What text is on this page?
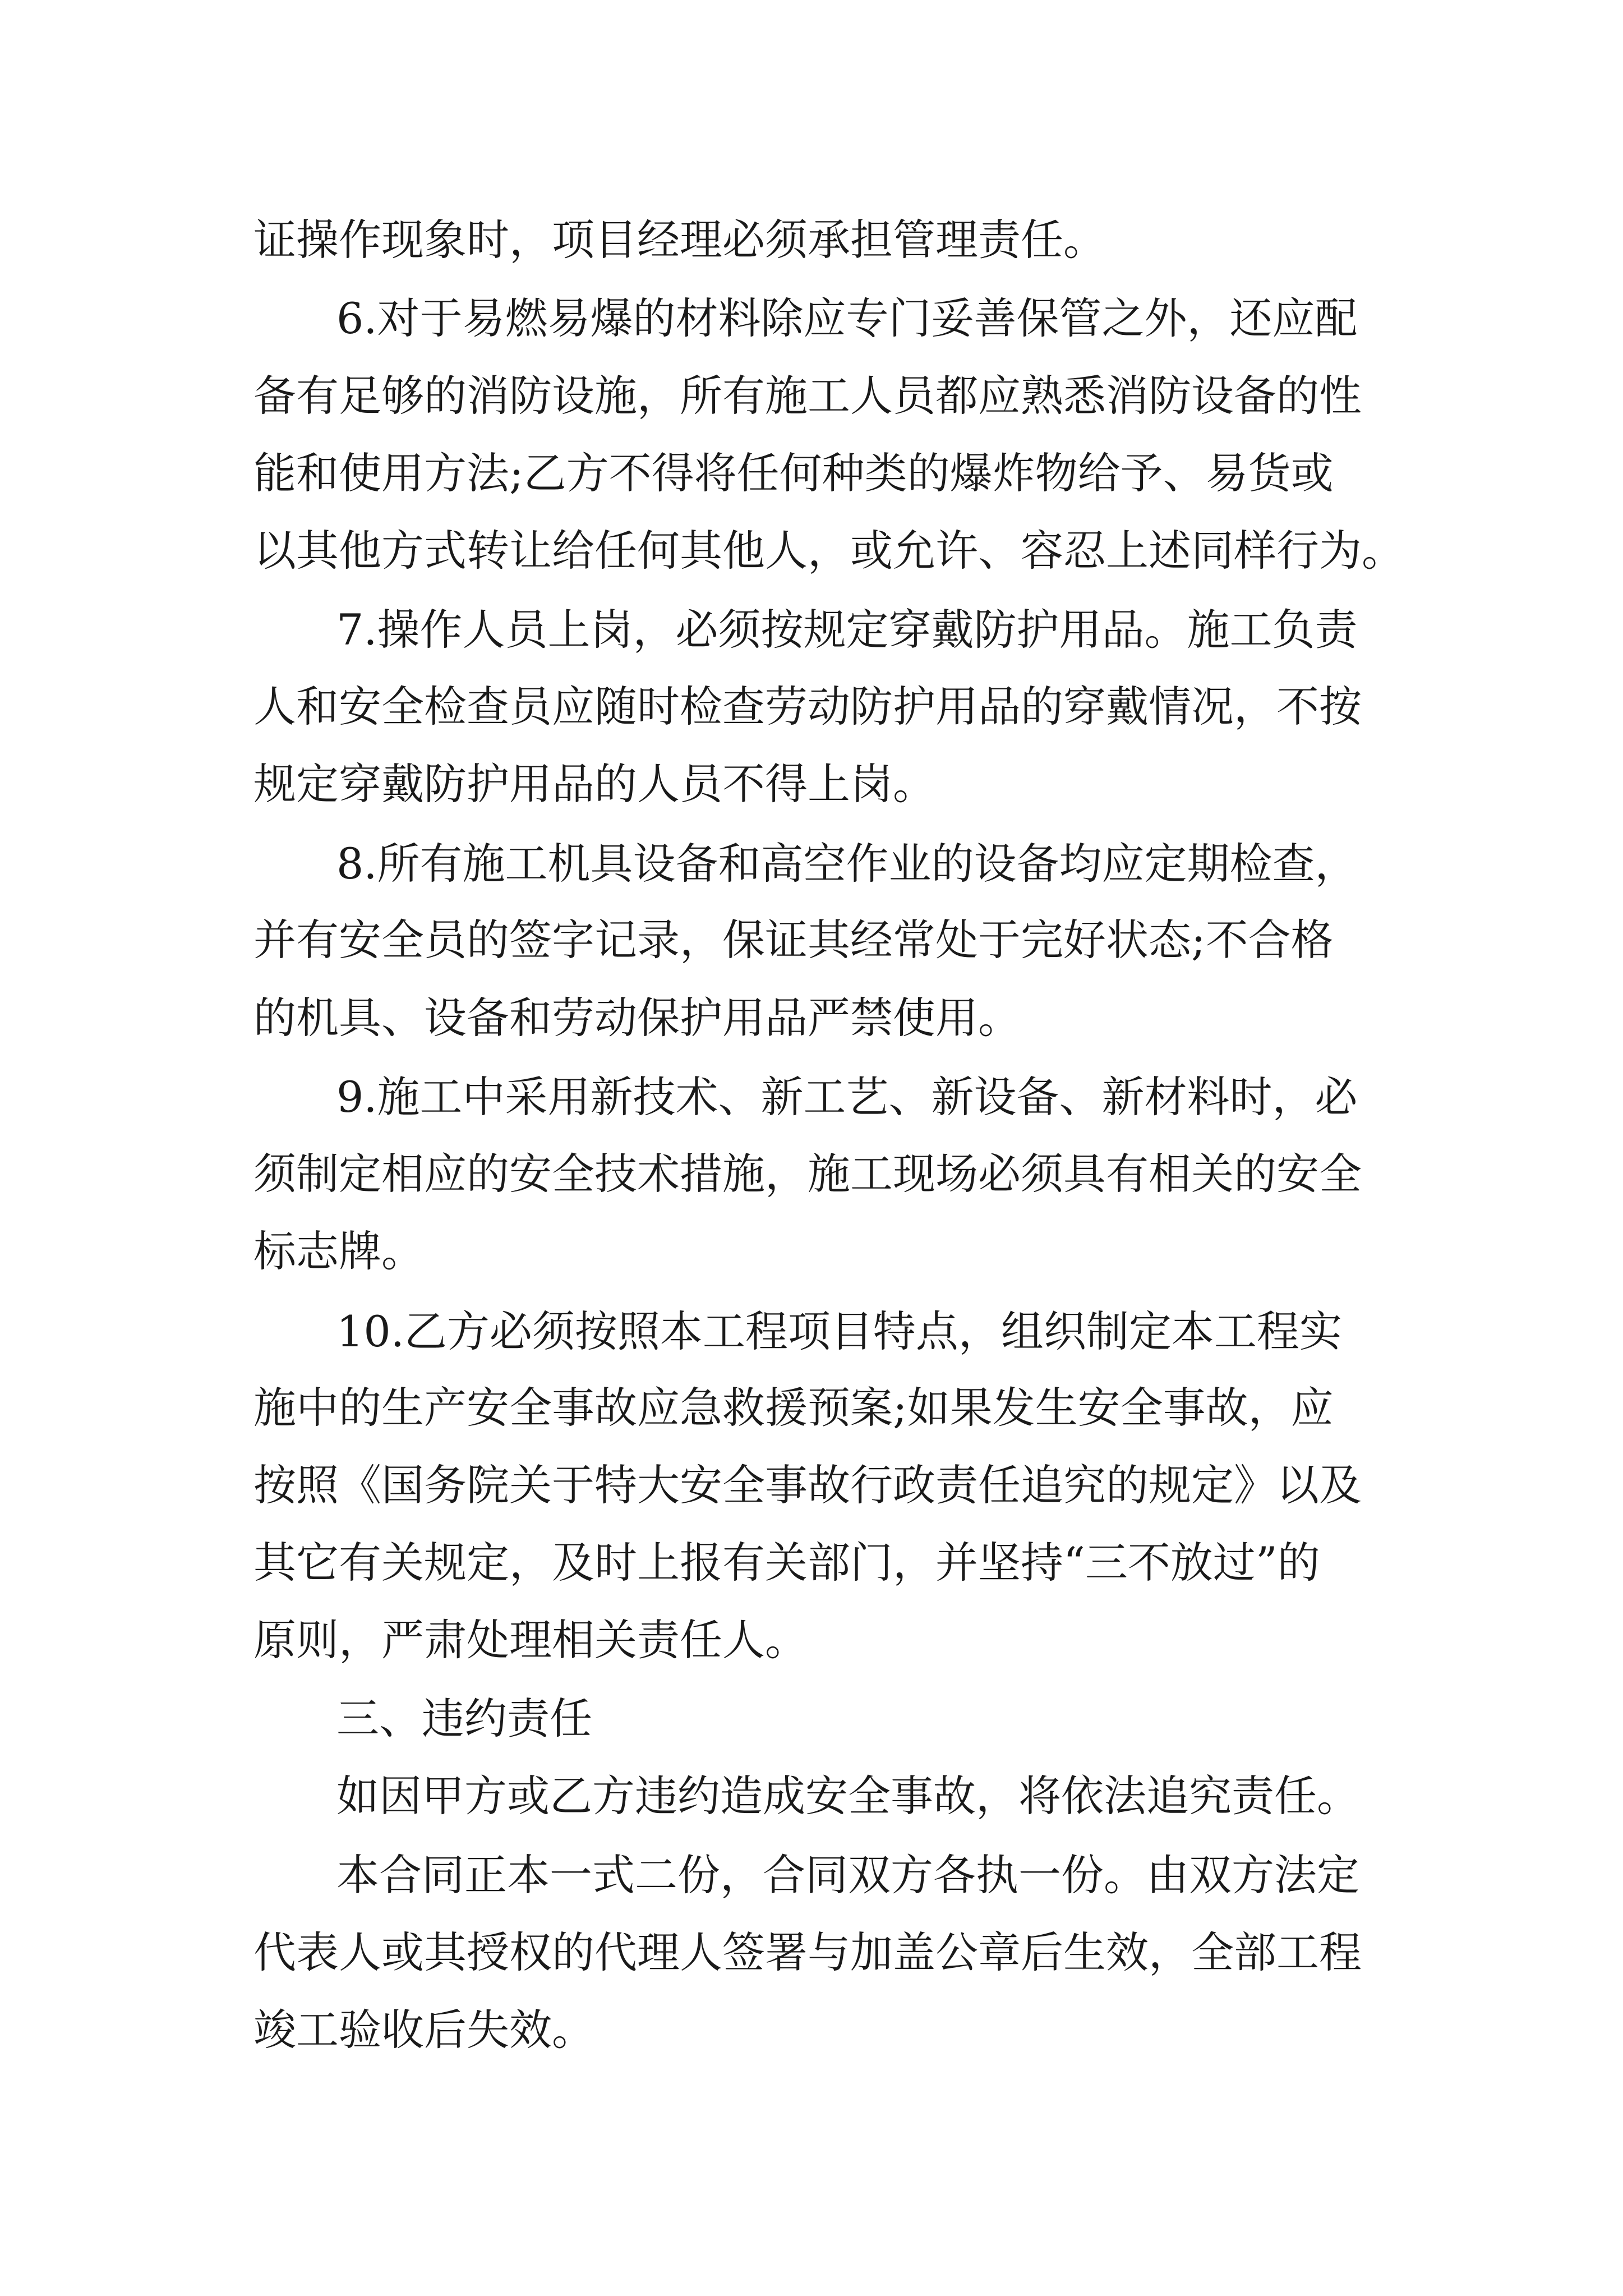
证操作现象时，项目经理必须承担管理责任。

6.对于易燃易爆的材料除应专门妥善保管之外，还应配

备有足够的消防设施，所有施工人员都应熟悉消防设备的性

能和使用方法;乙方不得将任何种类的爆炸物给予、易货或

以其他方式转让给任何其他人，或允许、容忍上述同样行为。

7.操作人员上岗，必须按规定穿戴防护用品。施工负责

人和安全检查员应随时检查劳动防护用品的穿戴情况，不按

规定穿戴防护用品的人员不得上岗。

8.所有施工机具设备和高空作业的设备均应定期检查，

并有安全员的签字记录，保证其经常处于完好状态;不合格

的机具、设备和劳动保护用品严禁使用。

9.施工中采用新技术、新工艺、新设备、新材料时，必

须制定相应的安全技术措施，施工现场必须具有相关的安全

标志牌。

10.乙方必须按照本工程项目特点，组织制定本工程实

施中的生产安全事故应急救援预案;如果发生安全事故，应

按照《国务院关于特大安全事故行政责任追究的规定》以及

其它有关规定，及时上报有关部门，并坚持“三不放过”的

原则，严肃处理相关责任人。

三、违约责任

如因甲方或乙方违约造成安全事故，将依法追究责任。

本合同正本一式二份，合同双方各执一份。由双方法定

代表人或其授权的代理人签署与加盖公章后生效，全部工程

竣工验收后失效。
